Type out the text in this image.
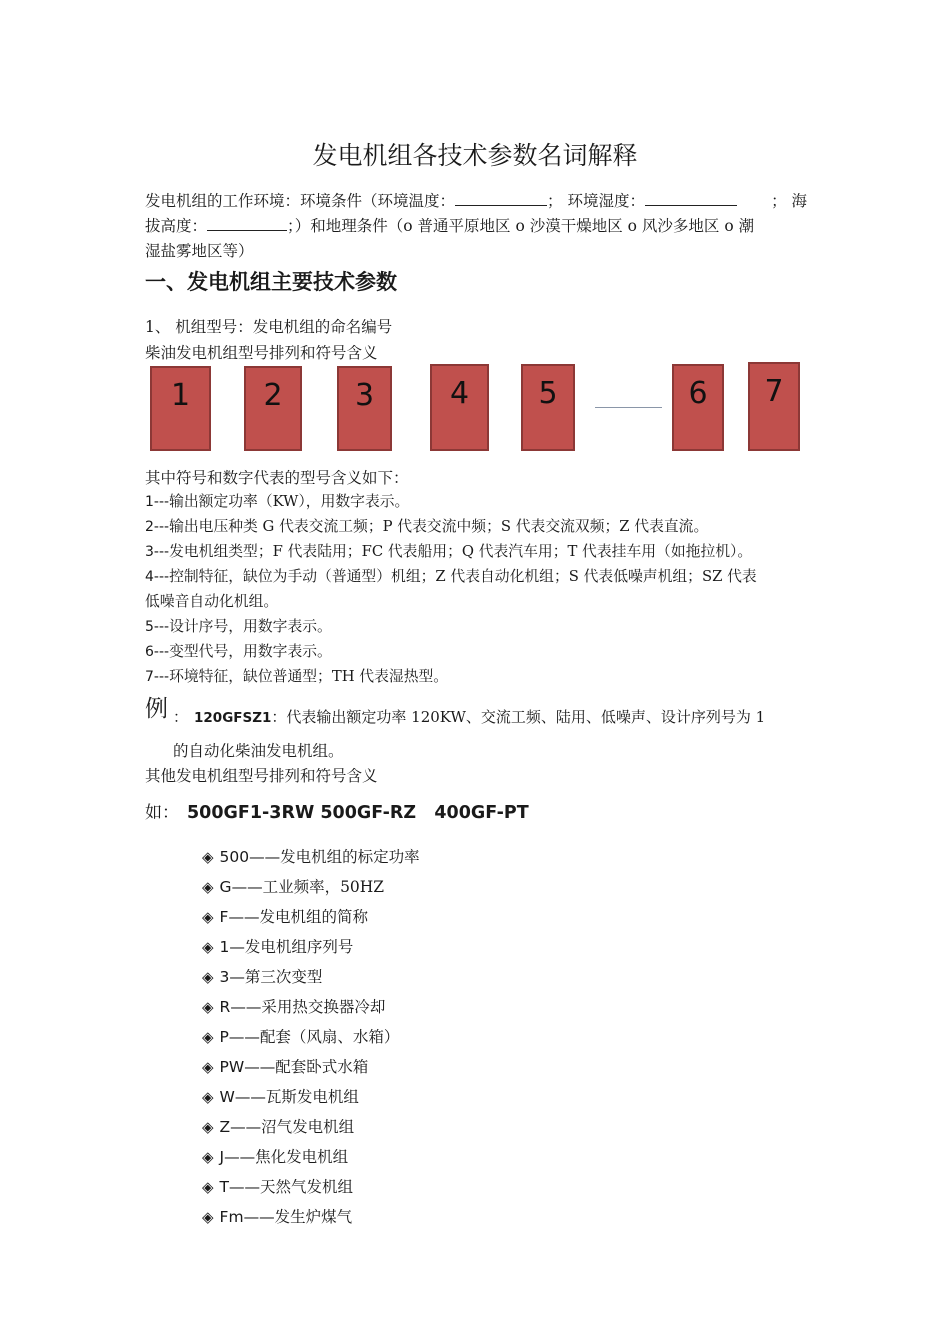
发电机组各技术参数名词解释
发电机组的工作环境：环境条件（环境温度：	； 环境湿度：	； 海
拔高度：	；）和地理条件（o 普通平原地区 o 沙漠干燥地区 o 风沙多地区 o 潮
湿盐雾地区等）
一、发电机组主要技术参数
1、 机组型号：发电机组的命名编号
柴油发电机组型号排列和符号含义
1	2	3	4	5	6	7
其中符号和数字代表的型号含义如下：
1---输出额定功率（KW），用数字表示。
2---输出电压种类 G 代表交流工频；P 代表交流中频；S 代表交流双频；Z 代表直流。
3---发电机组类型；F 代表陆用；FC 代表船用；Q 代表汽车用；T 代表挂车用（如拖拉机）。
4---控制特征，缺位为手动（普通型）机组；Z 代表自动化机组；S 代表低噪声机组；SZ 代表
低噪音自动化机组。
5---设计序号，用数字表示。
6---变型代号，用数字表示。
7---环境特征，缺位普通型；TH 代表湿热型。
例 ： 120GFSZ1：代表输出额定功率 120KW、交流工频、陆用、低噪声、设计序列号为 1
的自动化柴油发电机组。
其他发电机组型号排列和符号含义
如： 500GF1-3RW 500GF-RZ   400GF-PT
◈ 500——发电机组的标定功率
◈ G——工业频率，50HZ
◈ F——发电机组的简称
◈ 1—发电机组序列号
◈ 3—第三次变型
◈ R——采用热交换器冷却
◈ P——配套（风扇、水箱）
◈ PW——配套卧式水箱
◈ W——瓦斯发电机组
◈ Z——沼气发电机组
◈ J——焦化发电机组
◈ T——天然气发机组
◈ Fm——发生炉煤气
